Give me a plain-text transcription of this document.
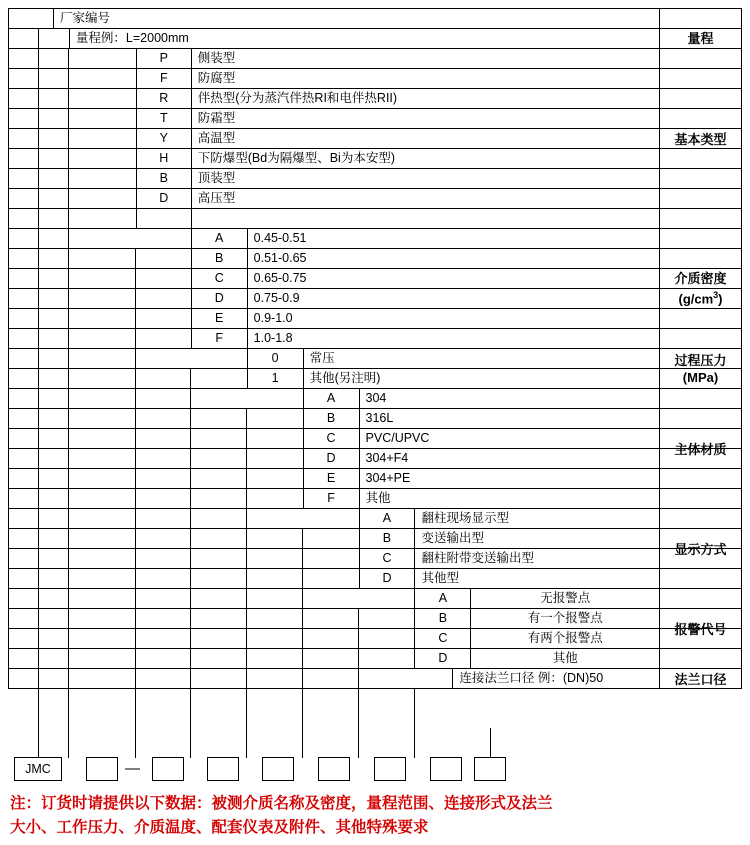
厂家编号
量程例：L=2000mm	量程
P	侧装型
F	防腐型
R	伴热型(分为蒸汽伴热RI和电伴热RII)
T	防霜型
Y	高温型
H	下防爆型(Bd为隔爆型、Bi为本安型)
B	顶装型
D	高压型
基本类型
A	0.45-0.51
B	0.51-0.65
C	0.65-0.75
D	0.75-0.9
E	0.9-1.0
F	1.0-1.8
介质密度
$(g/cm^3)$
0	常压
1	其他(另注明)
过程压力
(MPa)
A	304
B	316L
C	PVC/UPVC
D	304+F4
E	304+PE
F	其他
主体材质
A	翻柱现场显示型
B	变送输出型
C	翻柱附带变送输出型
D	其他型
显示方式
A	无报警点
B	有一个报警点
C	有两个报警点
D	其他
报警代号
连接法兰口径 例：(DN)50	法兰口径
JMC	—
注：订货时请提供以下数据：被测介质名称及密度，量程范围、连接形式及法兰
大小、工作压力、介质温度、配套仪表及附件、其他特殊要求
